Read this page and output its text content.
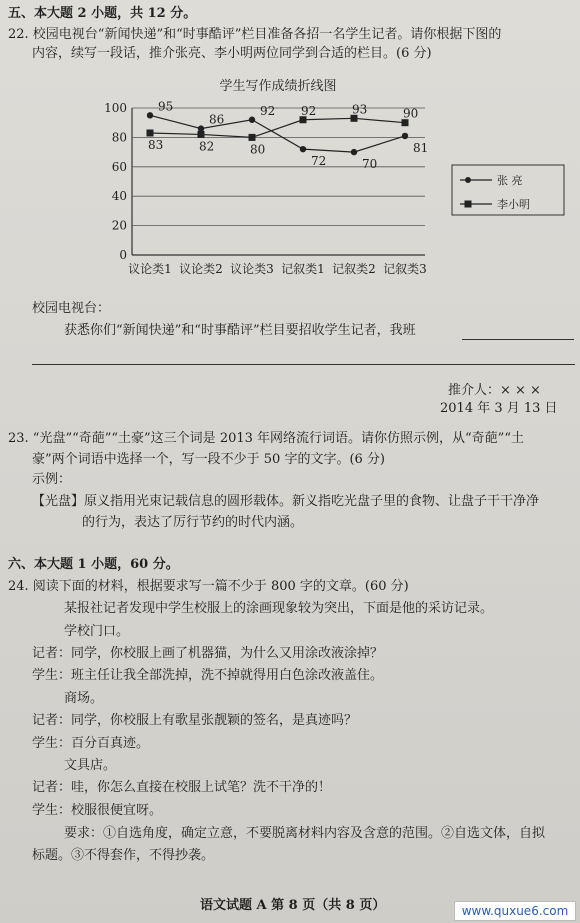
五、本大题 2 小题，共 12 分。
22. 校园电视台“新闻快递”和“时事酷评”栏目准备各招一名学生记者。请你根据下图的
内容，续写一段话，推介张亮、李小明两位同学到合适的栏目。(6 分)
学生写作成绩折线图
0
20
40
60
80
100
议论类1 议论类2 议论类3 记叙类1 记叙类2 记叙类3
95
86
92
72	70
81
83	82	80
92	93	90
张 亮
李小明
校园电视台：
获悉你们“新闻快递”和“时事酷评”栏目要招收学生记者，我班
推介人：× × ×
2014 年 3 月 13 日
23. “光盘”“奇葩”“土豪”这三个词是 2013 年网络流行词语。请你仿照示例，从“奇葩”“土
豪”两个词语中选择一个，写一段不少于 50 字的文字。(6 分)
示例：
【光盘】原义指用光束记载信息的圆形载体。新义指吃光盘子里的食物、让盘子干干净净
的行为，表达了厉行节约的时代内涵。
六、本大题 1 小题，60 分。
24. 阅读下面的材料，根据要求写一篇不少于 800 字的文章。(60 分)
某报社记者发现中学生校服上的涂画现象较为突出，下面是他的采访记录。
学校门口。
记者：同学，你校服上画了机器猫，为什么又用涂改液涂掉？
学生：班主任让我全部洗掉，洗不掉就得用白色涂改液盖住。
商场。
记者：同学，你校服上有歌星张靓颖的签名，是真迹吗？
学生：百分百真迹。
文具店。
记者：哇，你怎么直接在校服上试笔？洗不干净的！
学生：校服很便宜呀。
要求：①自选角度，确定立意，不要脱离材料内容及含意的范围。②自选文体，自拟
标题。③不得套作，不得抄袭。
语文试题 A 第 8 页（共 8 页）	www.quxue6.com
